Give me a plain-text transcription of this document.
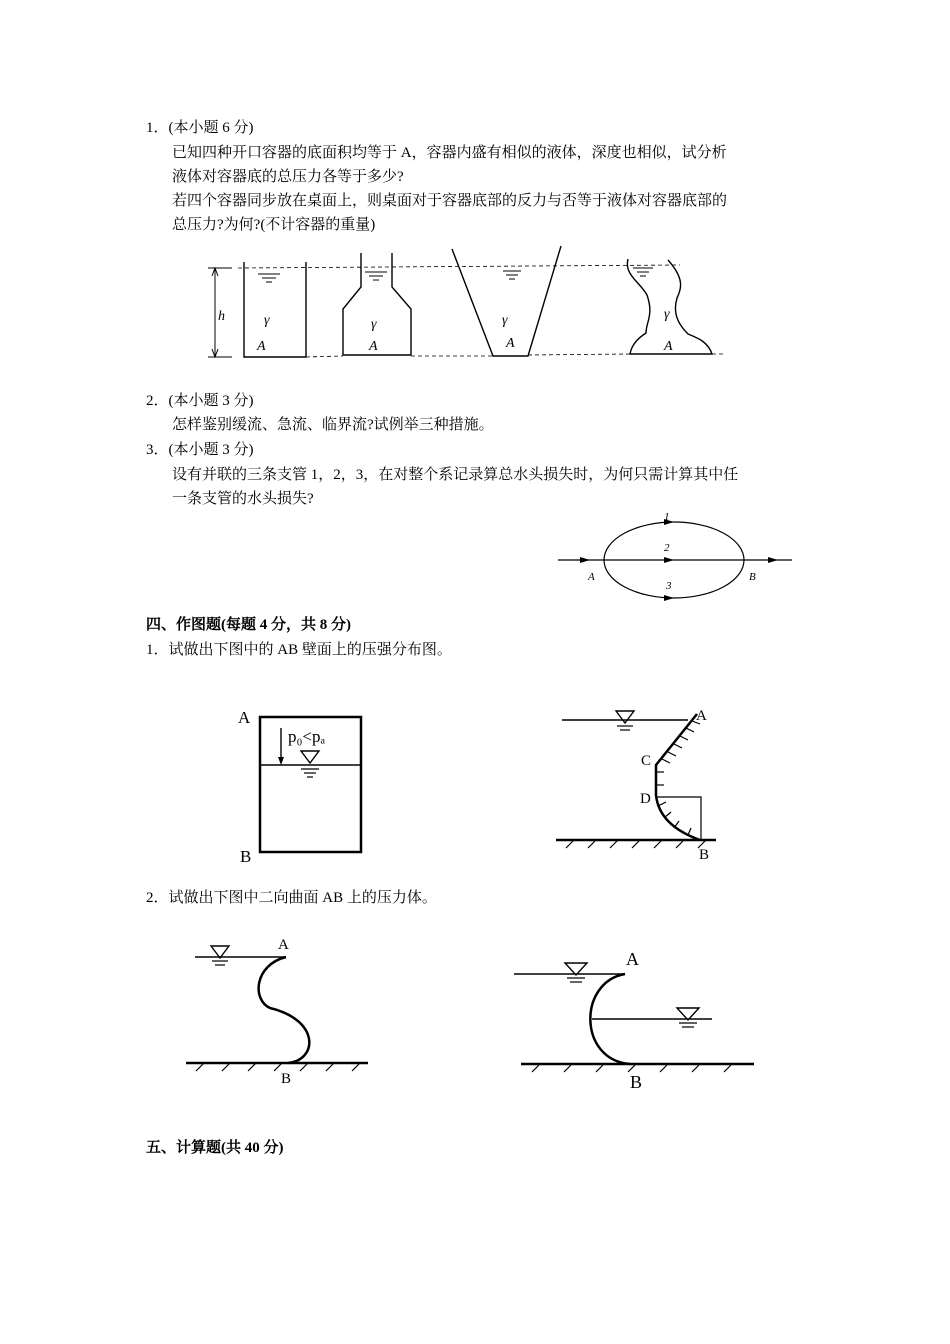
1．(本小题 6 分)
已知四种开口容器的底面积均等于 A，容器内盛有相似的液体，深度也相似，试分析
液体对容器底的总压力各等于多少?
若四个容器同步放在桌面上，则桌面对于容器底部的反力与否等于液体对容器底部的
总压力?为何?(不计容器的重量)
h	γ
A
γ
A
γ
A
γ
A
2．(本小题 3 分)
怎样鉴别缓流、急流、临界流?试例举三种措施。
3．(本小题 3 分)
设有并联的三条支管 1，2，3，在对整个系记录算总水头损失时，为何只需计算其中任
一条支管的水头损失?
1
2
3
A	B
四、作图题(每题 4 分，共 8 分)
1．试做出下图中的 AB 壁面上的压强分布图。
A
B
p₀<pₐ
A
C
D
B
2．试做出下图中二向曲面 AB 上的压力体。
A
B
A
B
五、计算题(共 40 分)
